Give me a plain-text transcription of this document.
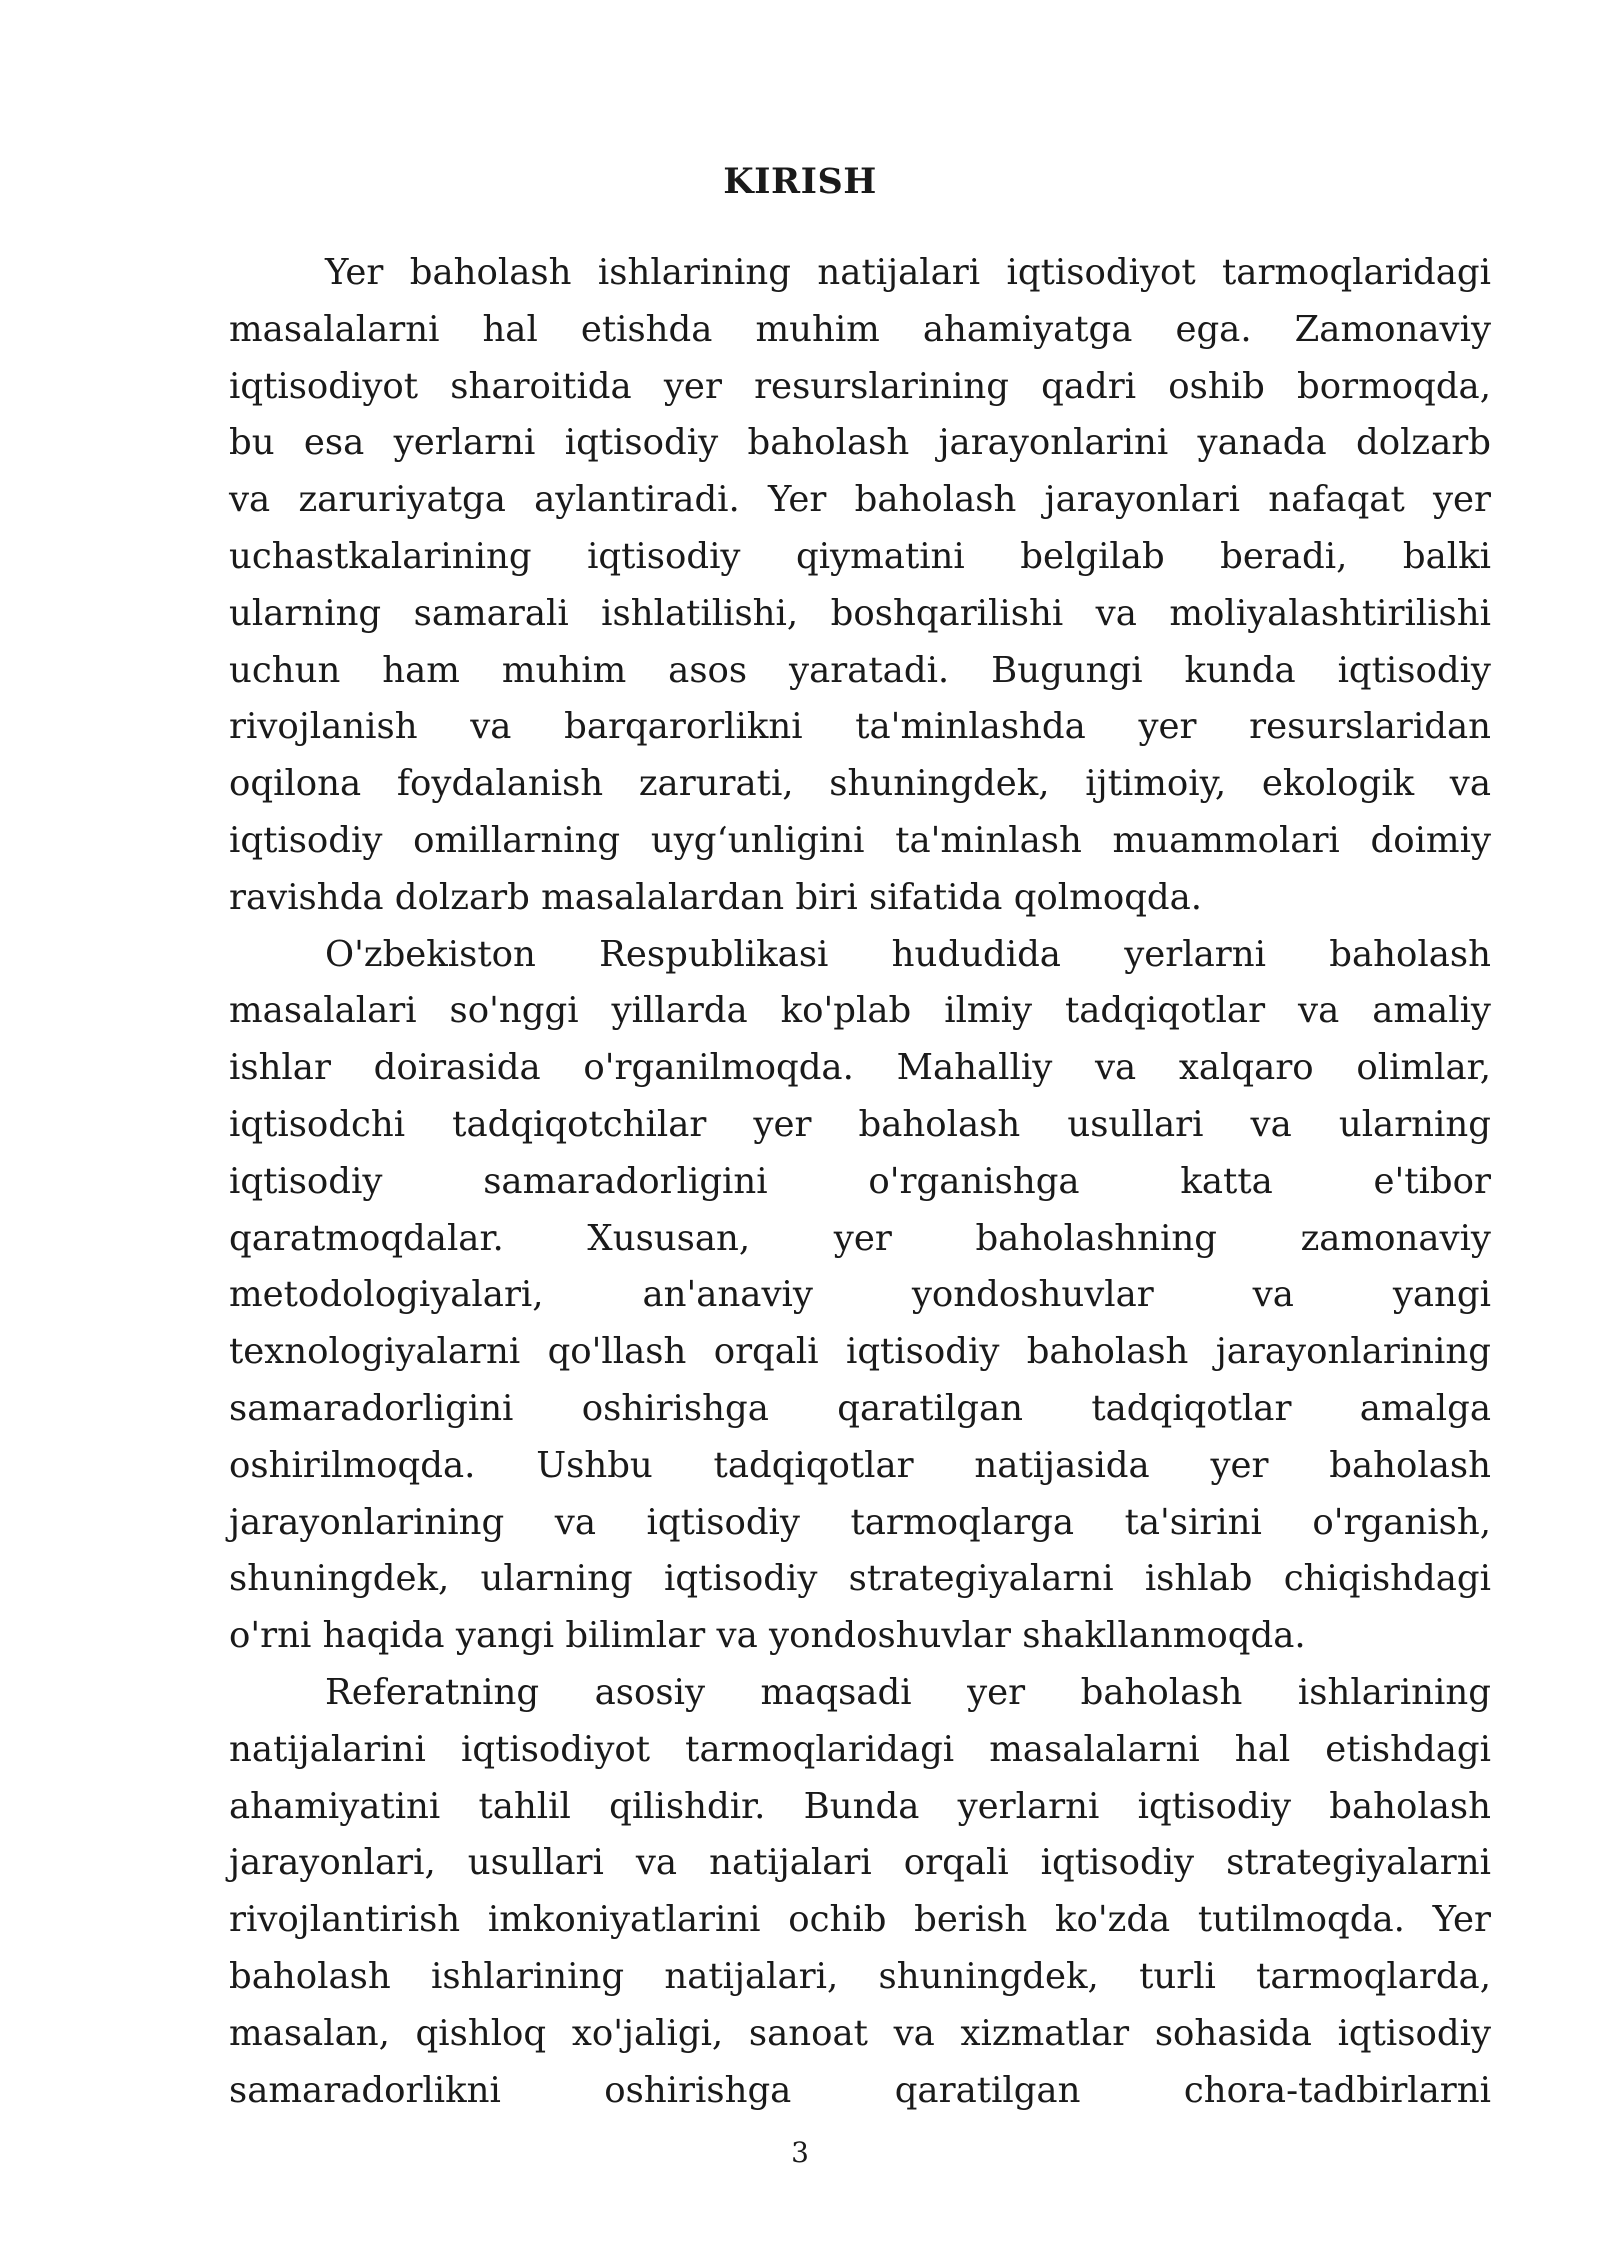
KIRISH
Yer baholash ishlarining natijalari iqtisodiyot tarmoqlaridagi
masalalarni hal etishda muhim ahamiyatga ega. Zamonaviy
iqtisodiyot sharoitida yer resurslarining qadri oshib bormoqda,
bu esa yerlarni iqtisodiy baholash jarayonlarini yanada dolzarb
va zaruriyatga aylantiradi. Yer baholash jarayonlari nafaqat yer
uchastkalarining iqtisodiy qiymatini belgilab beradi, balki
ularning samarali ishlatilishi, boshqarilishi va moliyalashtirilishi
uchun ham muhim asos yaratadi. Bugungi kunda iqtisodiy
rivojlanish va barqarorlikni ta'minlashda yer resurslaridan
oqilona foydalanish zarurati, shuningdek, ijtimoiy, ekologik va
iqtisodiy omillarning uyg‘unligini ta'minlash muammolari doimiy
ravishda dolzarb masalalardan biri sifatida qolmoqda.
O'zbekiston Respublikasi hududida yerlarni baholash
masalalari so'nggi yillarda ko'plab ilmiy tadqiqotlar va amaliy
ishlar doirasida o'rganilmoqda. Mahalliy va xalqaro olimlar,
iqtisodchi tadqiqotchilar yer baholash usullari va ularning
iqtisodiy samaradorligini o'rganishga katta e'tibor
qaratmoqdalar. Xususan, yer baholashning zamonaviy
metodologiyalari, an'anaviy yondoshuvlar va yangi
texnologiyalarni qo'llash orqali iqtisodiy baholash jarayonlarining
samaradorligini oshirishga qaratilgan tadqiqotlar amalga
oshirilmoqda. Ushbu tadqiqotlar natijasida yer baholash
jarayonlarining va iqtisodiy tarmoqlarga ta'sirini o'rganish,
shuningdek, ularning iqtisodiy strategiyalarni ishlab chiqishdagi
o'rni haqida yangi bilimlar va yondoshuvlar shakllanmoqda.
Referatning asosiy maqsadi yer baholash ishlarining
natijalarini iqtisodiyot tarmoqlaridagi masalalarni hal etishdagi
ahamiyatini tahlil qilishdir. Bunda yerlarni iqtisodiy baholash
jarayonlari, usullari va natijalari orqali iqtisodiy strategiyalarni
rivojlantirish imkoniyatlarini ochib berish ko'zda tutilmoqda. Yer
baholash ishlarining natijalari, shuningdek, turli tarmoqlarda,
masalan, qishloq xo'jaligi, sanoat va xizmatlar sohasida iqtisodiy
samaradorlikni oshirishga qaratilgan chora-tadbirlarni
3
